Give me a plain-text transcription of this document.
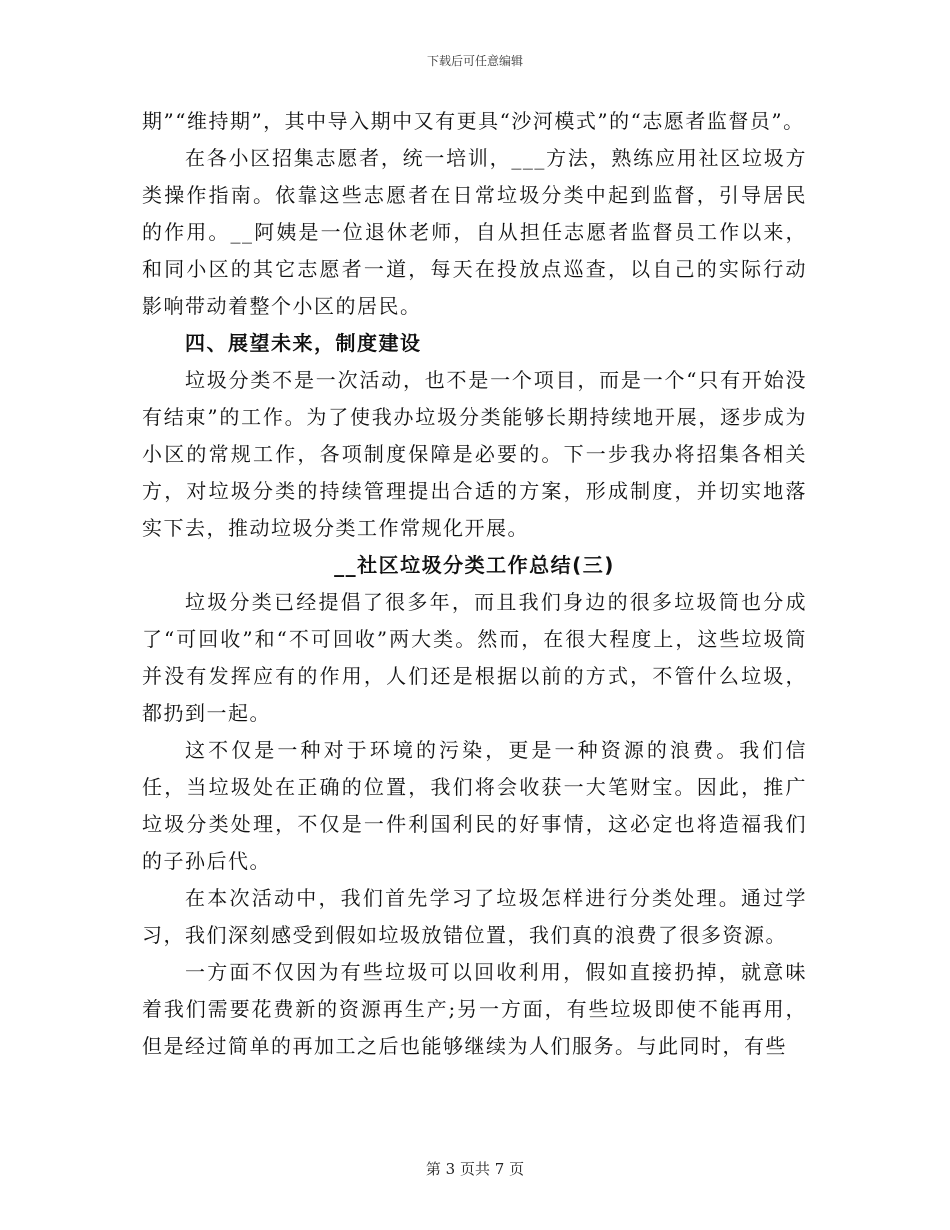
下载后可任意编辑

期”“维持期”，其中导入期中又有更具“沙河模式”的“志愿者监督员”。

在各小区招集志愿者，统一培训，___方法，熟练应用社区垃圾方类操作指南。依靠这些志愿者在日常垃圾分类中起到监督，引导居民的作用。__阿姨是一位退休老师，自从担任志愿者监督员工作以来，和同小区的其它志愿者一道，每天在投放点巡查，以自己的实际行动影响带动着整个小区的居民。

四、展望未来，制度建设

垃圾分类不是一次活动，也不是一个项目，而是一个“只有开始没有结束”的工作。为了使我办垃圾分类能够长期持续地开展，逐步成为小区的常规工作，各项制度保障是必要的。下一步我办将招集各相关方，对垃圾分类的持续管理提出合适的方案，形成制度，并切实地落实下去，推动垃圾分类工作常规化开展。

__社区垃圾分类工作总结(三)

垃圾分类已经提倡了很多年，而且我们身边的很多垃圾筒也分成了“可回收”和“不可回收”两大类。然而，在很大程度上，这些垃圾筒并没有发挥应有的作用，人们还是根据以前的方式，不管什么垃圾，都扔到一起。

这不仅是一种对于环境的污染，更是一种资源的浪费。我们信任，当垃圾处在正确的位置，我们将会收获一大笔财宝。因此，推广垃圾分类处理，不仅是一件利国利民的好事情，这必定也将造福我们的子孙后代。

在本次活动中，我们首先学习了垃圾怎样进行分类处理。通过学习，我们深刻感受到假如垃圾放错位置，我们真的浪费了很多资源。

一方面不仅因为有些垃圾可以回收利用，假如直接扔掉，就意味着我们需要花费新的资源再生产;另一方面，有些垃圾即使不能再用，但是经过简单的再加工之后也能够继续为人们服务。与此同时，有些

第 3 页共 7 页
